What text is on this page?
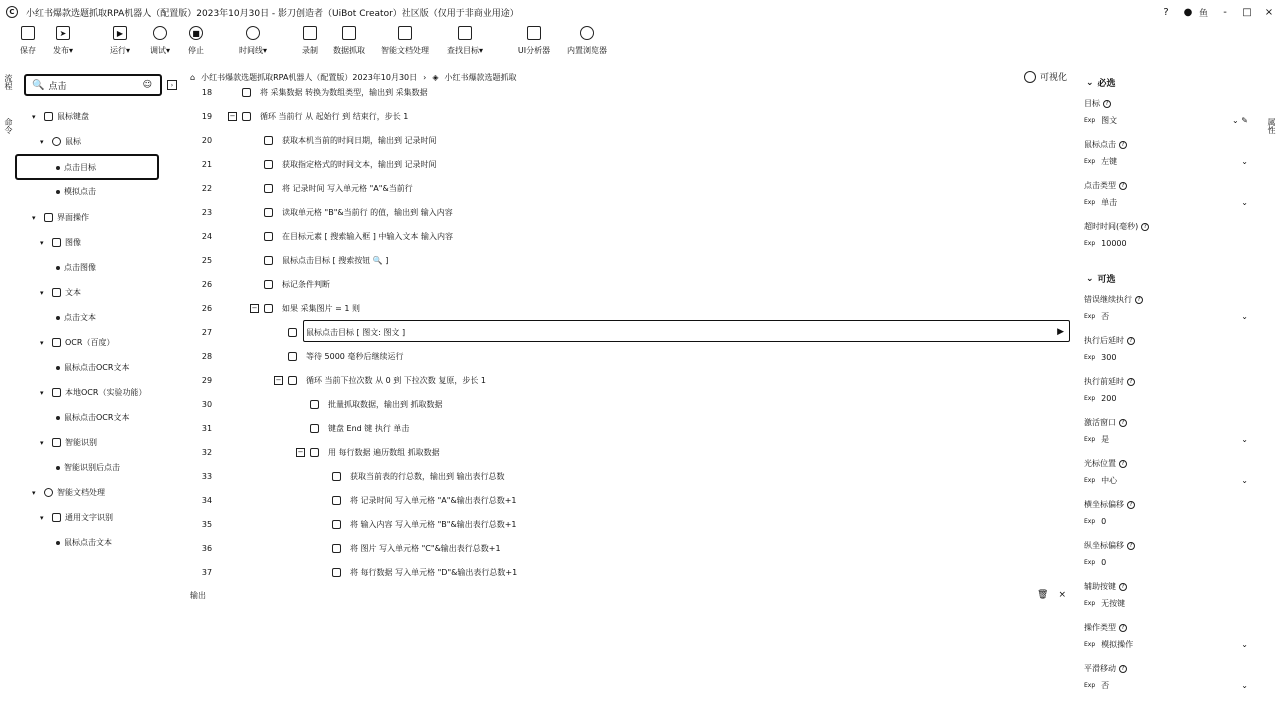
C	小红书爆款选题抓取RPA机器人（配置版）2023年10月30日 - 影刀创造者（UiBot Creator）社区版（仅用于非商业用途）	?	● 鱼	-	□	×
保存
➤
发布▾
▶
运行▾ 调试▾
■
停止	时间线▾	录制 数据抓取 智能文档处理 查找目标▾	UI分析器 内置浏览器
流程
命令
🔍
点击	☺	›
▾	鼠标键盘
▾	鼠标
点击目标
模拟点击
▾	界面操作
▾	图像
点击图像
▾	文本
点击文本
▾	OCR（百度）
鼠标点击OCR文本
▾	本地OCR（实验功能）
鼠标点击OCR文本
▾	智能识别
智能识别后点击
▾	智能文档处理
▾	通用文字识别
鼠标点击文本
⌂ 小红书爆款选题抓取RPA机器人（配置版）2023年10月30日 › ◈ 小红书爆款选题抓取	可视化
18	将 采集数据 转换为数组类型，输出到 采集数据
19	−	循环 当前行 从 起始行 到 结束行，步长 1
20	获取本机当前的时间日期，输出到 记录时间
21	获取指定格式的时间文本，输出到 记录时间
22	将 记录时间 写入单元格 "A"&当前行
23	读取单元格 "B"&当前行 的值，输出到 输入内容
24	在目标元素 [ 搜索输入框 ] 中输入文本 输入内容
25	鼠标点击目标 [ 搜索按钮 🔍 ]
26	标记条件判断
26	−	如果 采集图片 = 1 则
▶
27	鼠标点击目标 [ 图文: 图文 ]
28	等待 5000 毫秒后继续运行
29	−	循环 当前下拉次数 从 0 到 下拉次数 复原，步长 1
30	批量抓取数据，输出到 抓取数据
31	键盘 End 键 执行 单击
32	−	用 每行数据 遍历数组 抓取数据
33	获取当前表的行总数，输出到 输出表行总数
34	将 记录时间 写入单元格 "A"&输出表行总数+1
35	将 输入内容 写入单元格 "B"&输出表行总数+1
36	将 图片 写入单元格 "C"&输出表行总数+1
37	将 每行数据 写入单元格 "D"&输出表行总数+1
输出	🗑 ×
⌄ 必选
⌄ 可选
目标 ?
Exp 图文	⌄ ✎
鼠标点击 ?
Exp 左键	⌄
点击类型 ?
Exp 单击	⌄
超时时间(毫秒) ?
Exp 10000
错误继续执行 ?
Exp 否	⌄
执行后延时 ?
Exp 300
执行前延时 ?
Exp 200
激活窗口 ?
Exp 是	⌄
光标位置 ?
Exp 中心	⌄
横坐标偏移 ?
Exp 0
纵坐标偏移 ?
Exp 0
辅助按键 ?
Exp 无按键
操作类型 ?
Exp 模拟操作	⌄
平滑移动 ?
Exp 否	⌄
属性
